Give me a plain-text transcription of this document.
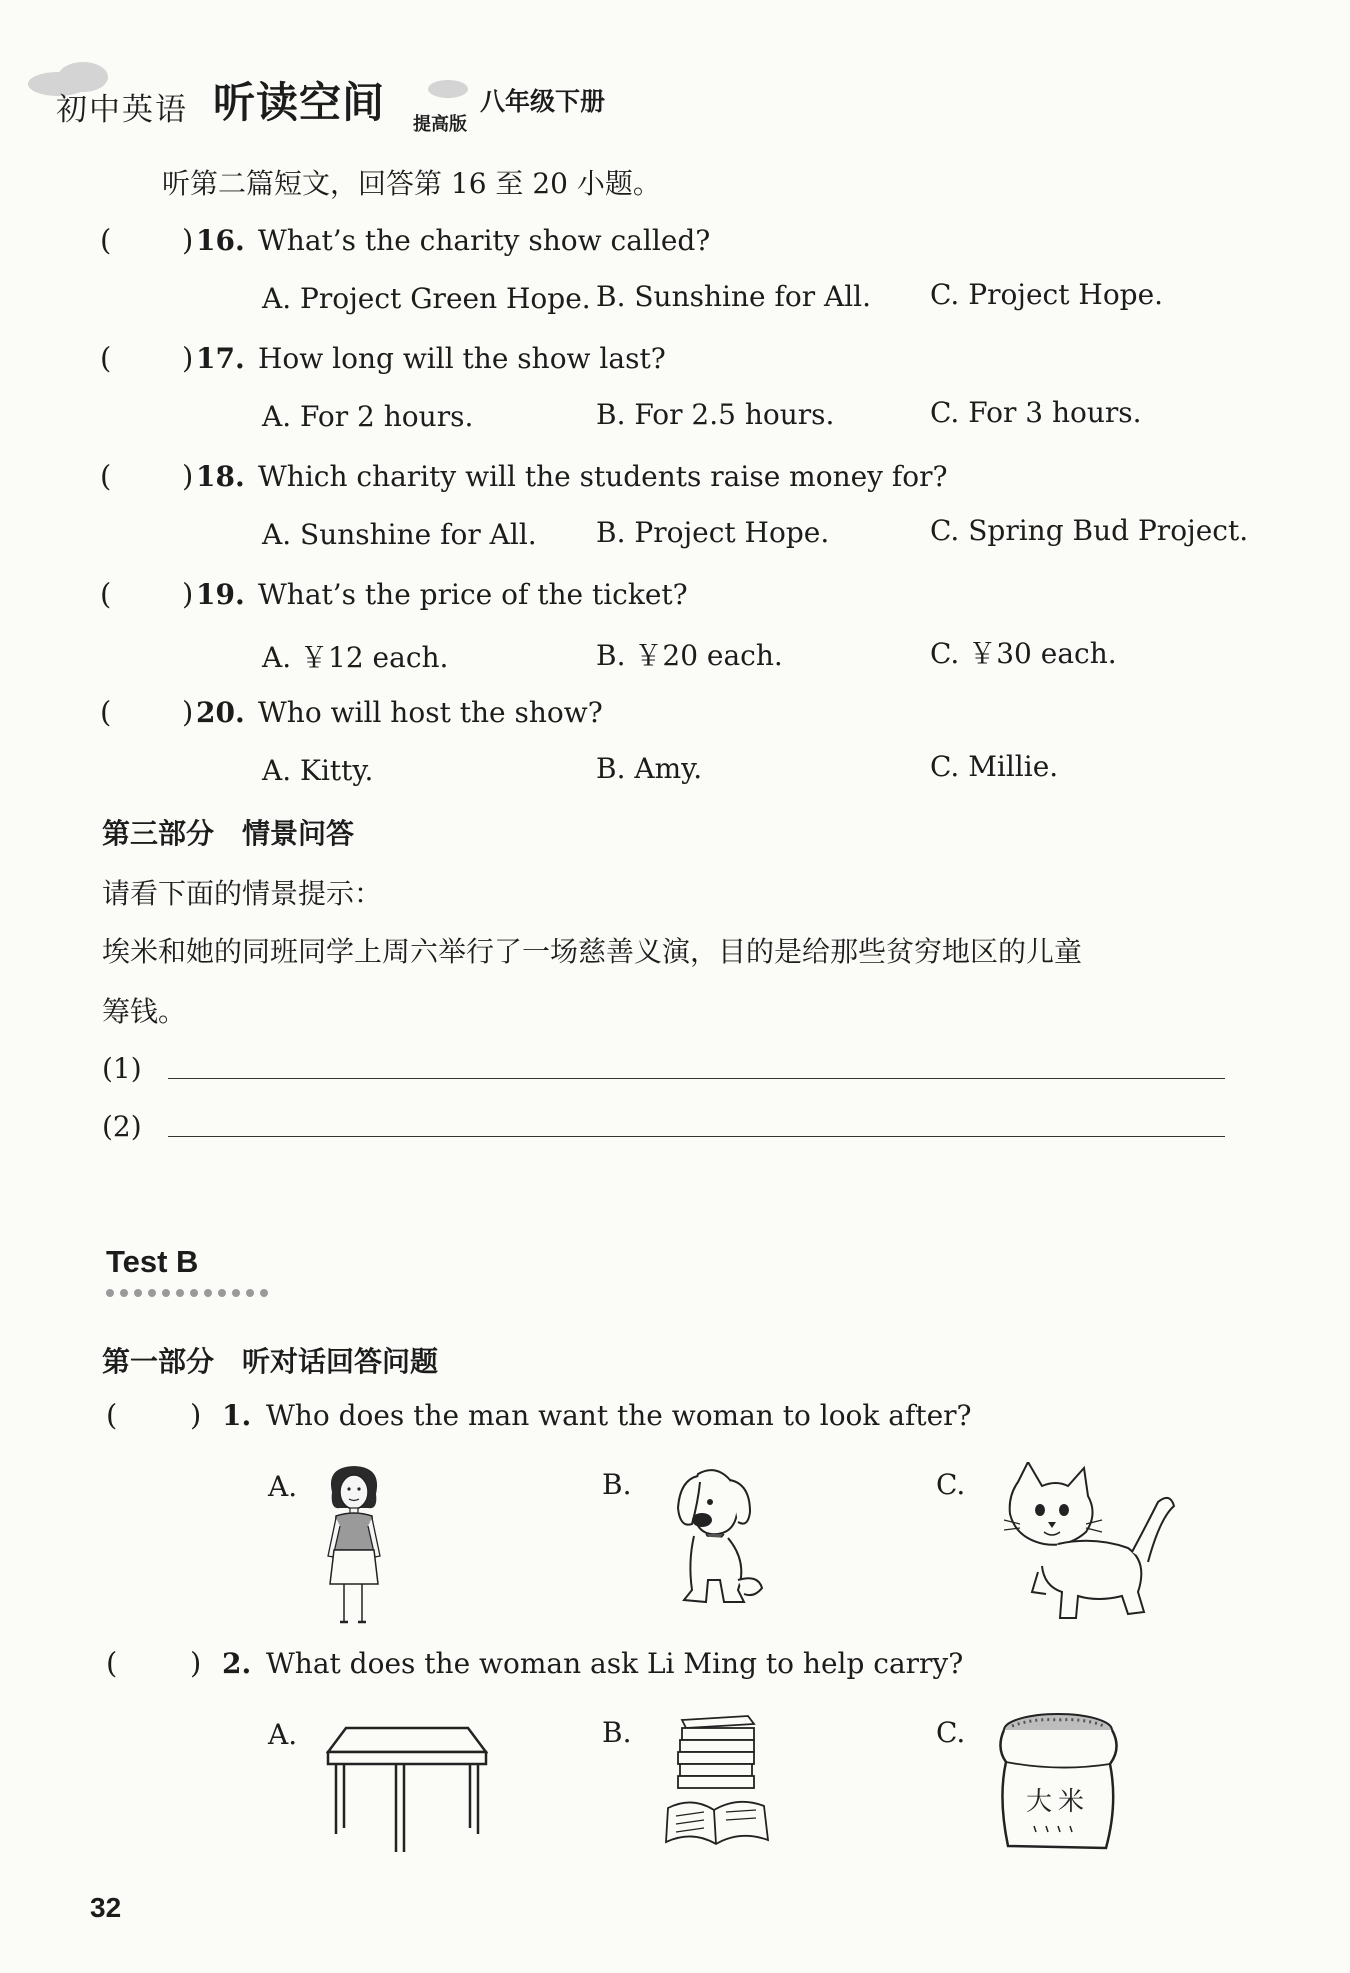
初中英语 听读空间 提高版
八年级下册
听第二篇短文，回答第 16 至 20 小题。
( ) 16. What’s the charity show called?
A. Project Green Hope. B. Sunshine for All. C. Project Hope.
( ) 17. How long will the show last?
A. For 2 hours.	B. For 2.5 hours.	C. For 3 hours.
( ) 18. Which charity will the students raise money for?
A. Sunshine for All. B. Project Hope.	C. Spring Bud Project.
( ) 19. What’s the price of the ticket?
A. ￥12 each.	B. ￥20 each.	C. ￥30 each.
( ) 20. Who will host the show?
A. Kitty.	B. Amy.	C. Millie.
第三部分　情景问答
请看下面的情景提示：
埃米和她的同班同学上周六举行了一场慈善义演，目的是给那些贫穷地区的儿童
筹钱。
(1)
(2)
Test B
第一部分　听对话回答问题
(	) 1. Who does the man want the woman to look after?
A.	B.	C.
(	) 2. What does the woman ask Li Ming to help carry?
A.	B.	C.
大米
32
